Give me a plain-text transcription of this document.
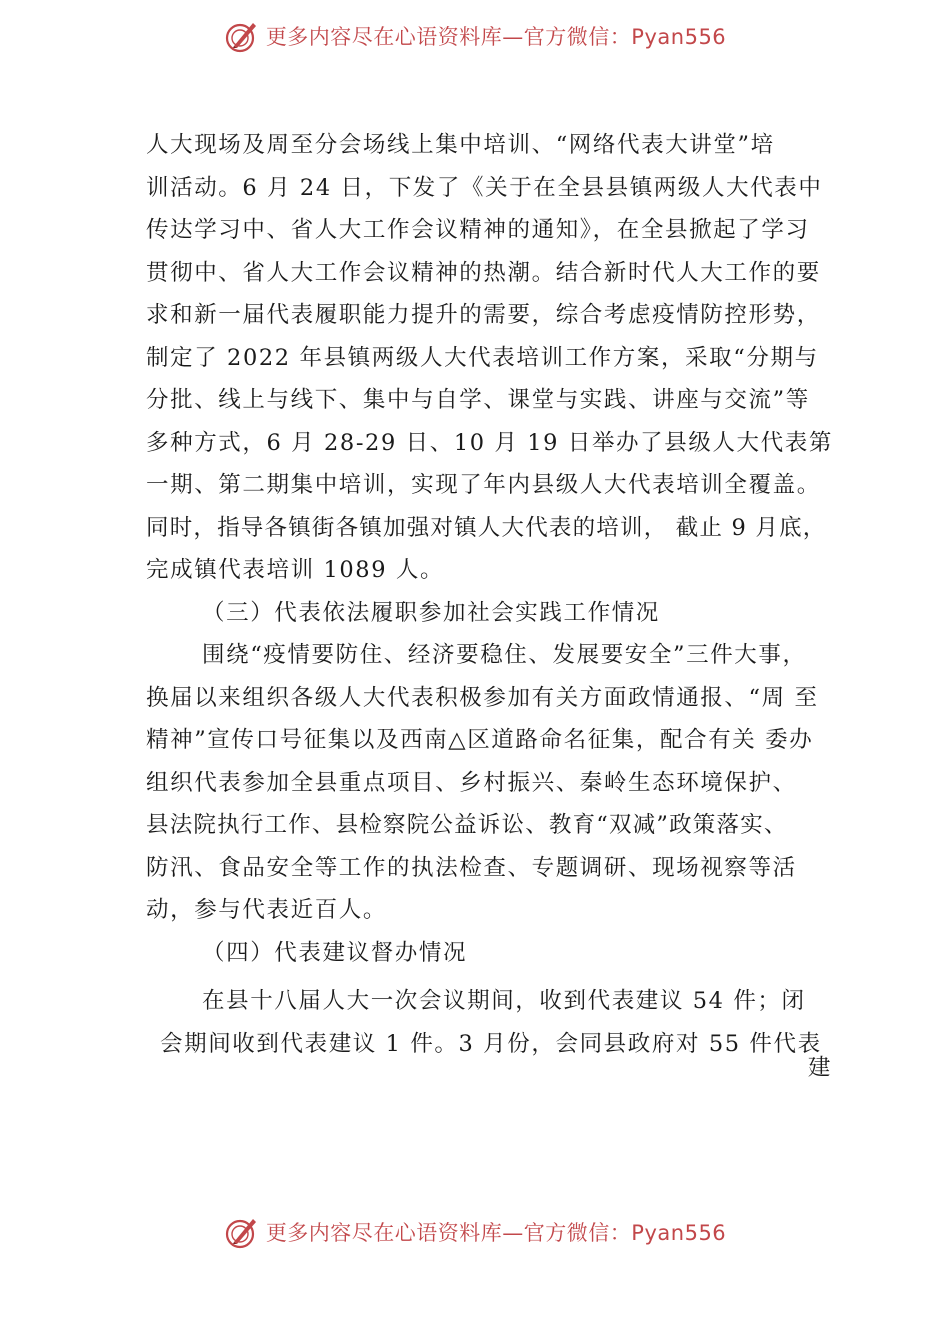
更多内容尽在心语资料库—官方微信：Pyan556
人大现场及周至分会场线上集中培训、“网络代表大讲堂”培
训活动。6 月 24 日，下发了《关于在全县县镇两级人大代表中
传达学习中、省人大工作会议精神的通知》，在全县掀起了学习
贯彻中、省人大工作会议精神的热潮。结合新时代人大工作的要
求和新一届代表履职能力提升的需要，综合考虑疫情防控形势，
制定了 2022 年县镇两级人大代表培训工作方案，采取“分期与
分批、线上与线下、集中与自学、课堂与实践、讲座与交流”等
多种方式，6 月 28-29 日、10 月 19 日举办了县级人大代表第
一期、第二期集中培训，实现了年内县级人大代表培训全覆盖。
同时，指导各镇街各镇加强对镇人大代表的培训， 截止 9 月底，
完成镇代表培训 1089 人。
（三）代表依法履职参加社会实践工作情况
围绕“疫情要防住、经济要稳住、发展要安全”三件大事，
换届以来组织各级人大代表积极参加有关方面政情通报、“周 至
精神”宣传口号征集以及西南△区道路命名征集，配合有关 委办
组织代表参加全县重点项目、乡村振兴、秦岭生态环境保护、
县法院执行工作、县检察院公益诉讼、教育“双减”政策落实、
防汛、食品安全等工作的执法检查、专题调研、现场视察等活
动，参与代表近百人。
（四）代表建议督办情况
在县十八届人大一次会议期间，收到代表建议 54 件；闭
会期间收到代表建议 1 件。3 月份，会同县政府对 55 件代表
建
更多内容尽在心语资料库—官方微信：Pyan556
